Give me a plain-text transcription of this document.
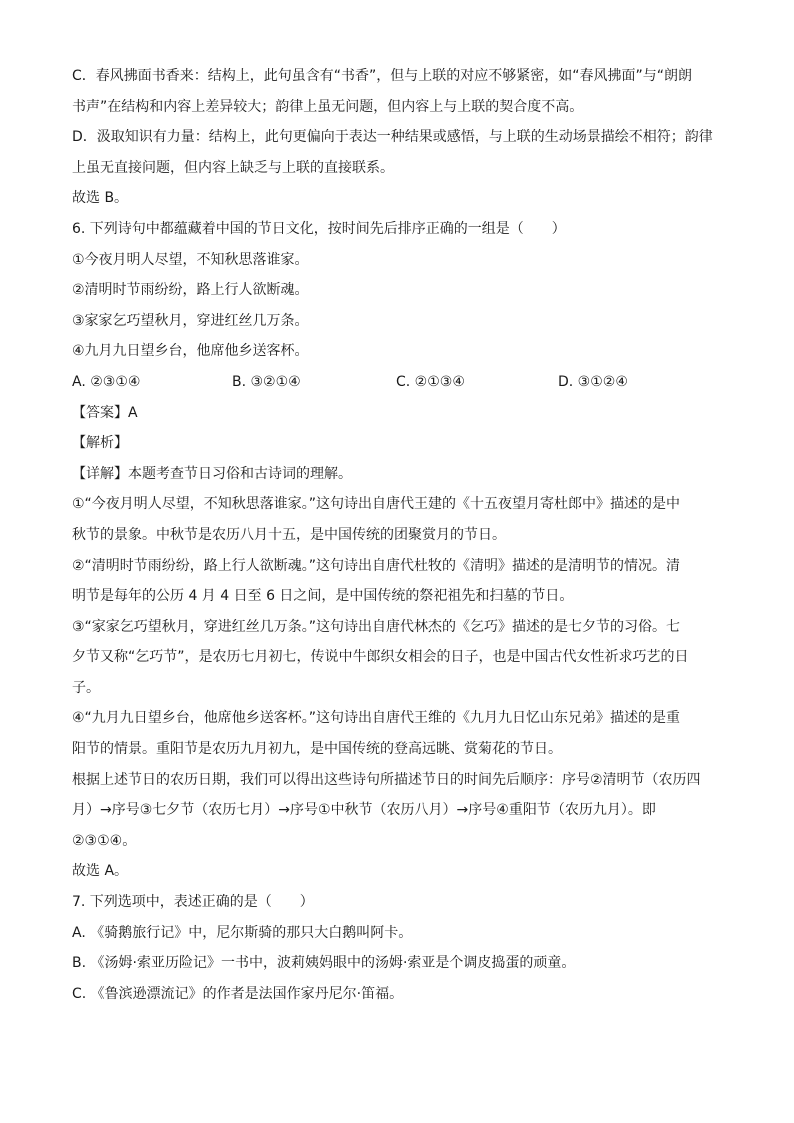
C．春风拂面书香来：结构上，此句虽含有“书香”，但与上联的对应不够紧密，如“春风拂面”与“朗朗
书声”在结构和内容上差异较大；韵律上虽无问题，但内容上与上联的契合度不高。
D．汲取知识有力量：结构上，此句更偏向于表达一种结果或感悟，与上联的生动场景描绘不相符；韵律
上虽无直接问题，但内容上缺乏与上联的直接联系。
故选 B。
6. 下列诗句中都蕴藏着中国的节日文化，按时间先后排序正确的一组是（　　）
①今夜月明人尽望，不知秋思落谁家。
②清明时节雨纷纷，路上行人欲断魂。
③家家乞巧望秋月，穿进红丝几万条。
④九月九日望乡台，他席他乡送客杯。
A. ②③①④	B. ③②①④	C. ②①③④	D. ③①②④
【答案】A
【解析】
【详解】本题考查节日习俗和古诗词的理解。
①“今夜月明人尽望，不知秋思落谁家。”这句诗出自唐代王建的《十五夜望月寄杜郎中》描述的是中
秋节的景象。中秋节是农历八月十五，是中国传统的团聚赏月的节日。
②“清明时节雨纷纷，路上行人欲断魂。”这句诗出自唐代杜牧的《清明》描述的是清明节的情况。清
明节是每年的公历 4 月 4 日至 6 日之间，是中国传统的祭祀祖先和扫墓的节日。
③“家家乞巧望秋月，穿进红丝几万条。”这句诗出自唐代林杰的《乞巧》描述的是七夕节的习俗。七
夕节又称“乞巧节”，是农历七月初七，传说中牛郎织女相会的日子，也是中国古代女性祈求巧艺的日
子。
④“九月九日望乡台，他席他乡送客杯。”这句诗出自唐代王维的《九月九日忆山东兄弟》描述的是重
阳节的情景。重阳节是农历九月初九，是中国传统的登高远眺、赏菊花的节日。
根据上述节日的农历日期，我们可以得出这些诗句所描述节日的时间先后顺序：序号②清明节（农历四
月）→序号③七夕节（农历七月）→序号①中秋节（农历八月）→序号④重阳节（农历九月）。即
②③①④。
故选 A。
7. 下列选项中，表述正确的是（　　）
A. 《骑鹅旅行记》中，尼尔斯骑的那只大白鹅叫阿卡。
B. 《汤姆·索亚历险记》一书中，波莉姨妈眼中的汤姆·索亚是个调皮捣蛋的顽童。
C. 《鲁滨逊漂流记》的作者是法国作家丹尼尔·笛福。
